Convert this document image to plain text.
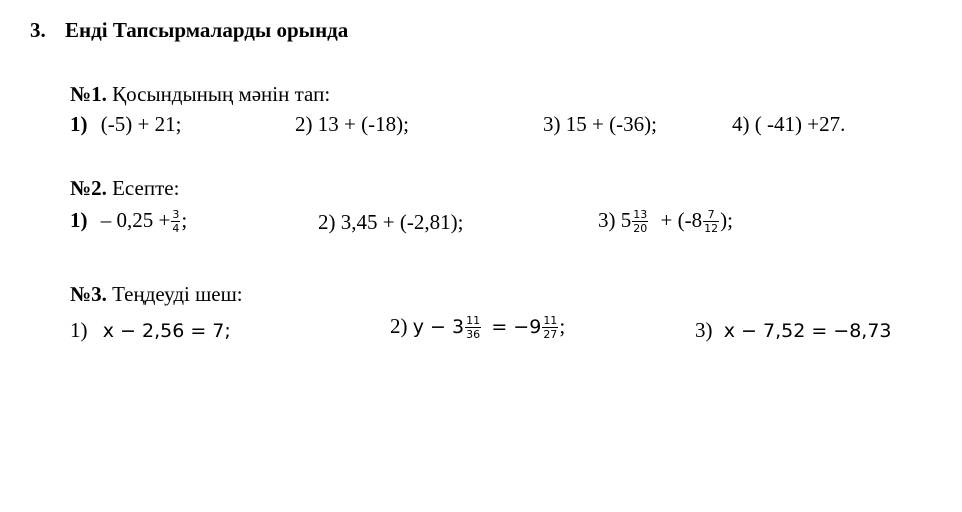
3. Енді Тапсырмаларды орында
№1. Қосындының мәнін тап:
1) (-5) + 21;	2) 13 + (-18);	3) 15 + (-36);	4) ( -41) +27.
№2. Есепте:
$1) - 0,25 + \frac{3}{4}$ ;	2) 3,45 + (-2,81);	3) $5 \frac{13}{20} + (-8 \frac{7}{12}$ );
№3. Теңдеуді шеш:
1) x − 2,56 = 7;	2) $y - 3 \frac{11}{36} = -9 \frac{11}{27}$ ;	3) x − 7,52 = −8,73
